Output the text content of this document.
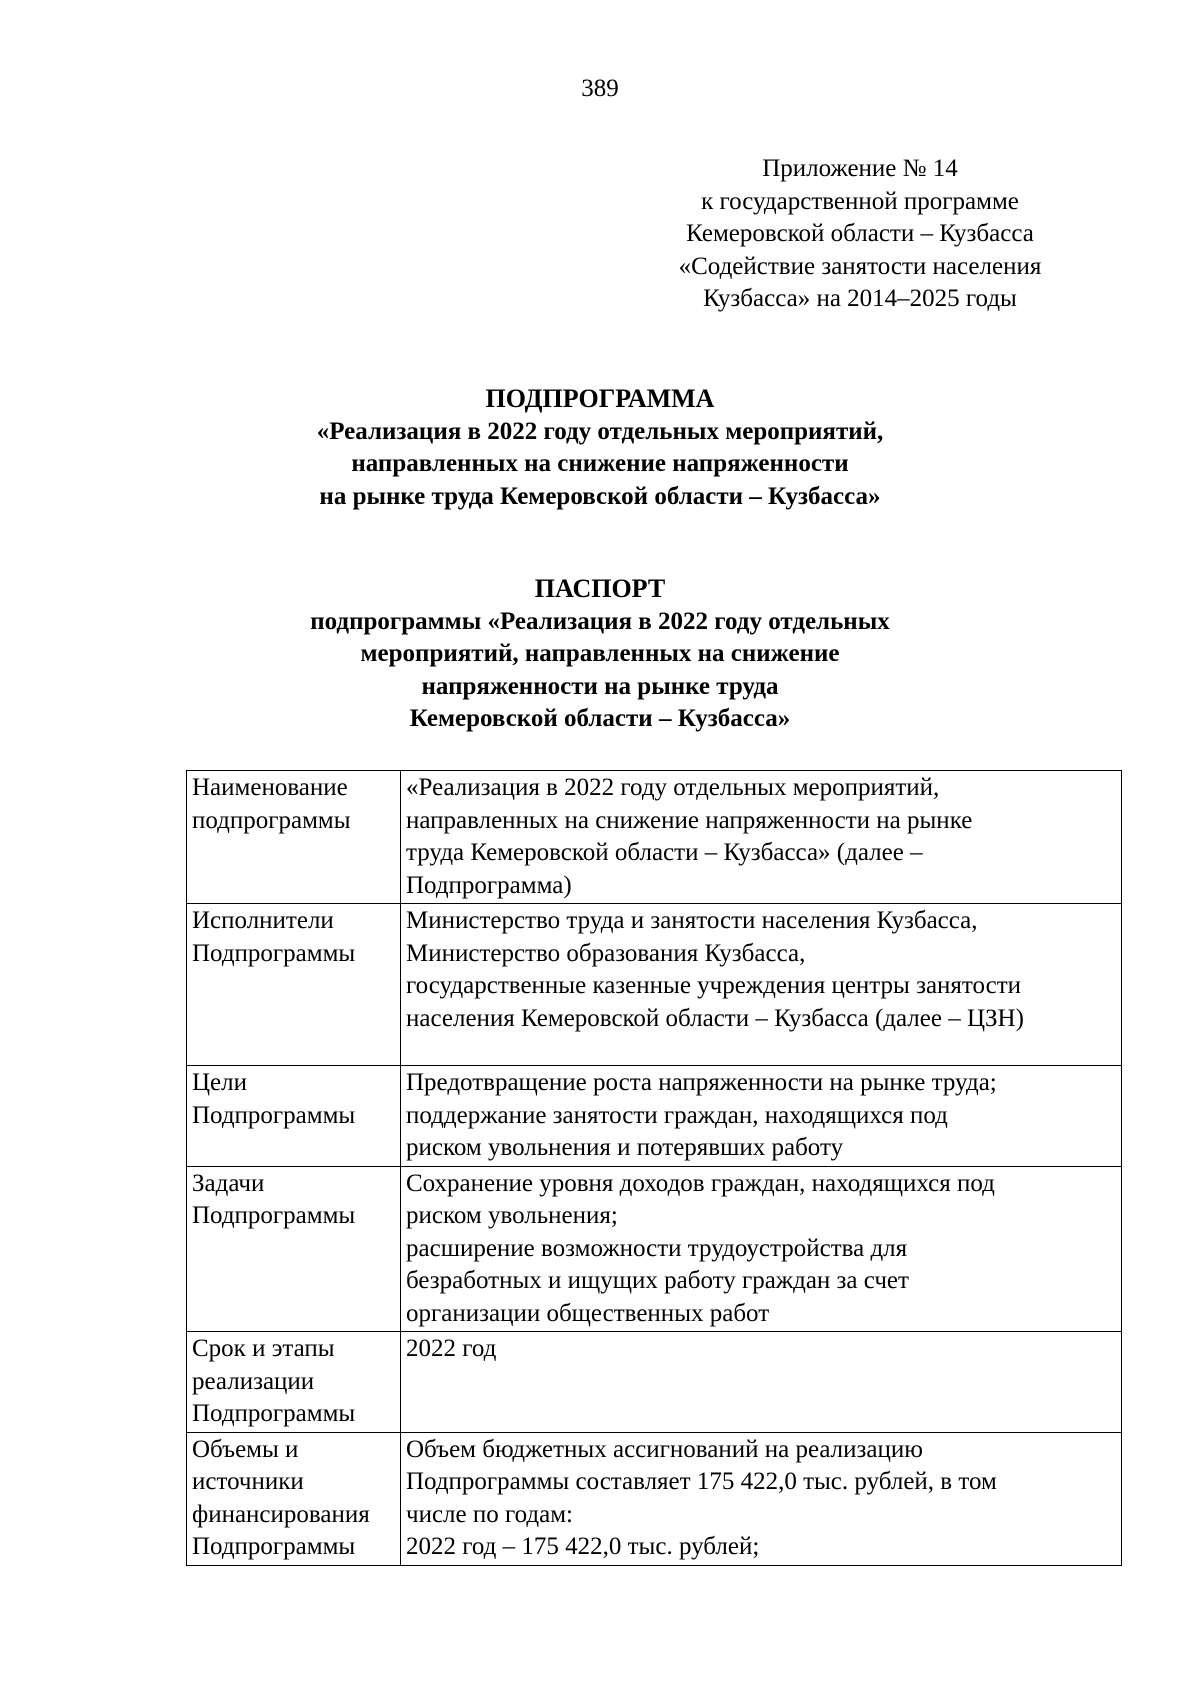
389
Приложение № 14
к государственной программе
Кемеровской области – Кузбасса
«Содействие занятости населения
Кузбасса» на 2014–2025 годы
ПОДПРОГРАММА
«Реализация в 2022 году отдельных мероприятий,
направленных на снижение напряженности
на рынке труда Кемеровской области – Кузбасса»
ПАСПОРТ
подпрограммы «Реализация в 2022 году отдельных
мероприятий, направленных на снижение
напряженности на рынке труда
Кемеровской области – Кузбасса»
Наименование
подпрограммы	«Реализация в 2022 году отдельных мероприятий,
направленных на снижение напряженности на рынке
труда Кемеровской области – Кузбасса» (далее –
Подпрограмма)
Исполнители
Подпрограммы	Министерство труда и занятости населения Кузбасса,
Министерство образования Кузбасса,
государственные казенные учреждения центры занятости
населения Кемеровской области – Кузбасса (далее – ЦЗН)
Цели
Подпрограммы	Предотвращение роста напряженности на рынке труда;
поддержание занятости граждан, находящихся под
риском увольнения и потерявших работу
Задачи
Подпрограммы	Сохранение уровня доходов граждан, находящихся под
риском увольнения;
расширение возможности трудоустройства для
безработных и ищущих работу граждан за счет
организации общественных работ
Срок и этапы
реализации
Подпрограммы	2022 год
Объемы и
источники
финансирования
Подпрограммы	Объем бюджетных ассигнований на реализацию
Подпрограммы составляет 175 422,0 тыс. рублей, в том
числе по годам:
2022 год – 175 422,0 тыс. рублей;
